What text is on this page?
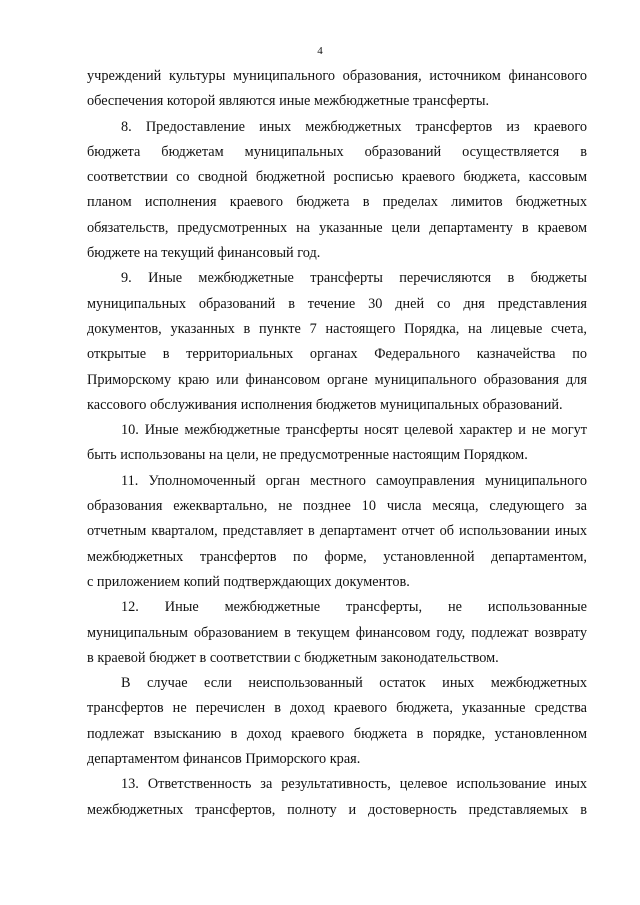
4
учреждений культуры муниципального образования, источником финансового
обеспечения которой являются иные межбюджетные трансферты.
8. Предоставление иных межбюджетных трансфертов из краевого
бюджета бюджетам муниципальных образований осуществляется в
соответствии со сводной бюджетной росписью краевого бюджета, кассовым
планом исполнения краевого бюджета в пределах лимитов бюджетных
обязательств, предусмотренных на указанные цели департаменту в краевом
бюджете на текущий финансовый год.
9. Иные межбюджетные трансферты перечисляются в бюджеты
муниципальных образований в течение 30 дней со дня представления
документов, указанных в пункте 7 настоящего Порядка, на лицевые счета,
открытые в территориальных органах Федерального казначейства по
Приморскому краю или финансовом органе муниципального образования для
кассового обслуживания исполнения бюджетов муниципальных образований.
10. Иные межбюджетные трансферты носят целевой характер и не могут
быть использованы на цели, не предусмотренные настоящим Порядком.
11. Уполномоченный орган местного самоуправления муниципального
образования ежеквартально, не позднее 10 числа месяца, следующего за
отчетным кварталом, представляет в департамент отчет об использовании иных
межбюджетных трансфертов по форме, установленной департаментом,
с приложением копий подтверждающих документов.
12. Иные межбюджетные трансферты, не использованные
муниципальным образованием в текущем финансовом году, подлежат возврату
в краевой бюджет в соответствии с бюджетным законодательством.
В случае если неиспользованный остаток иных межбюджетных
трансфертов не перечислен в доход краевого бюджета, указанные средства
подлежат взысканию в доход краевого бюджета в порядке, установленном
департаментом финансов Приморского края.
13. Ответственность за результативность, целевое использование иных
межбюджетных трансфертов, полноту и достоверность представляемых в
